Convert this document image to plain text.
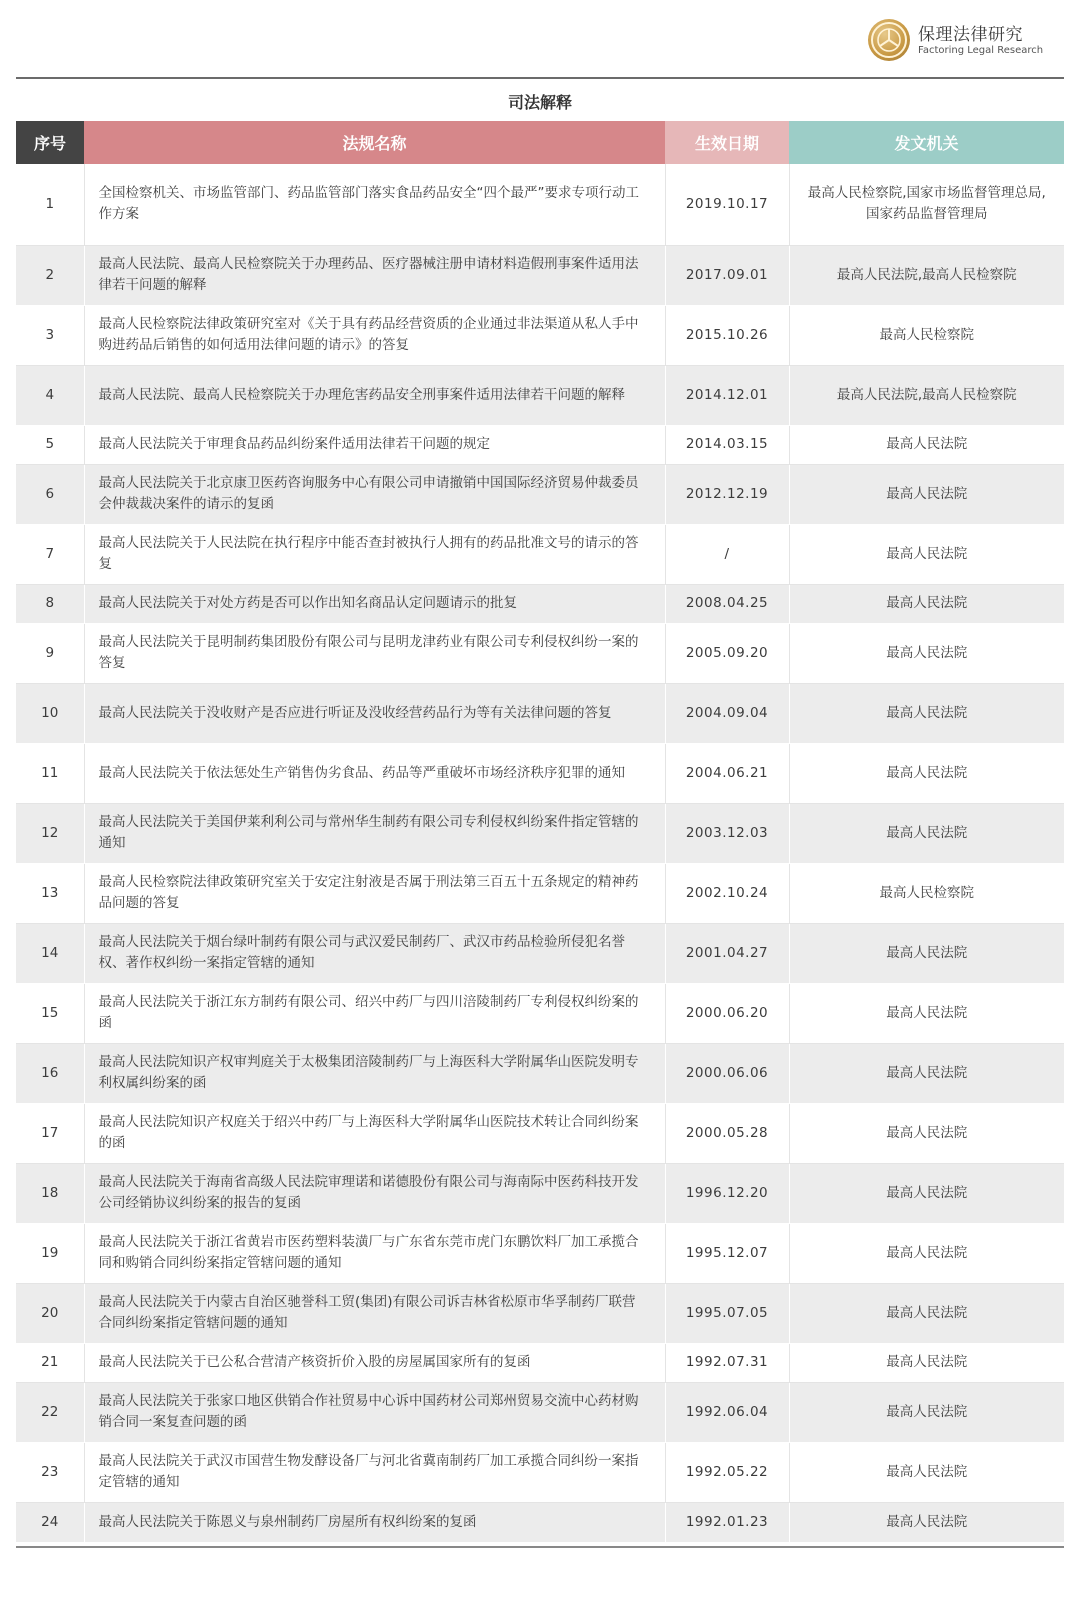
保理法律研究
Factoring Legal Research
司法解释
序号	法规名称	生效日期	发文机关
1	全国检察机关、市场监管部门、药品监管部门落实食品药品安全“四个最严”要求专项行动工作方案	2019.10.17	最高人民检察院,国家市场监督管理总局,国家药品监督管理局
2	最高人民法院、最高人民检察院关于办理药品、医疗器械注册申请材料造假刑事案件适用法律若干问题的解释	2017.09.01	最高人民法院,最高人民检察院
3	最高人民检察院法律政策研究室对《关于具有药品经营资质的企业通过非法渠道从私人手中购进药品后销售的如何适用法律问题的请示》的答复	2015.10.26	最高人民检察院
4	最高人民法院、最高人民检察院关于办理危害药品安全刑事案件适用法律若干问题的解释	2014.12.01	最高人民法院,最高人民检察院
5	最高人民法院关于审理食品药品纠纷案件适用法律若干问题的规定	2014.03.15	最高人民法院
6	最高人民法院关于北京康卫医药咨询服务中心有限公司申请撤销中国国际经济贸易仲裁委员会仲裁裁决案件的请示的复函	2012.12.19	最高人民法院
7	最高人民法院关于人民法院在执行程序中能否查封被执行人拥有的药品批准文号的请示的答复	/	最高人民法院
8	最高人民法院关于对处方药是否可以作出知名商品认定问题请示的批复	2008.04.25	最高人民法院
9	最高人民法院关于昆明制药集团股份有限公司与昆明龙津药业有限公司专利侵权纠纷一案的答复	2005.09.20	最高人民法院
10	最高人民法院关于没收财产是否应进行听证及没收经营药品行为等有关法律问题的答复	2004.09.04	最高人民法院
11	最高人民法院关于依法惩处生产销售伪劣食品、药品等严重破坏市场经济秩序犯罪的通知	2004.06.21	最高人民法院
12	最高人民法院关于美国伊莱利利公司与常州华生制药有限公司专利侵权纠纷案件指定管辖的通知	2003.12.03	最高人民法院
13	最高人民检察院法律政策研究室关于安定注射液是否属于刑法第三百五十五条规定的精神药品问题的答复	2002.10.24	最高人民检察院
14	最高人民法院关于烟台绿叶制药有限公司与武汉爱民制药厂、武汉市药品检验所侵犯名誉权、著作权纠纷一案指定管辖的通知	2001.04.27	最高人民法院
15	最高人民法院关于浙江东方制药有限公司、绍兴中药厂与四川涪陵制药厂专利侵权纠纷案的函	2000.06.20	最高人民法院
16	最高人民法院知识产权审判庭关于太极集团涪陵制药厂与上海医科大学附属华山医院发明专利权属纠纷案的函	2000.06.06	最高人民法院
17	最高人民法院知识产权庭关于绍兴中药厂与上海医科大学附属华山医院技术转让合同纠纷案的函	2000.05.28	最高人民法院
18	最高人民法院关于海南省高级人民法院审理诺和诺德股份有限公司与海南际中医药科技开发公司经销协议纠纷案的报告的复函	1996.12.20	最高人民法院
19	最高人民法院关于浙江省黄岩市医药塑料装潢厂与广东省东莞市虎门东鹏饮料厂加工承揽合同和购销合同纠纷案指定管辖问题的通知	1995.12.07	最高人民法院
20	最高人民法院关于内蒙古自治区驰誉科工贸(集团)有限公司诉吉林省松原市华孚制药厂联营合同纠纷案指定管辖问题的通知	1995.07.05	最高人民法院
21	最高人民法院关于已公私合营清产核资折价入股的房屋属国家所有的复函	1992.07.31	最高人民法院
22	最高人民法院关于张家口地区供销合作社贸易中心诉中国药材公司郑州贸易交流中心药材购销合同一案复查问题的函	1992.06.04	最高人民法院
23	最高人民法院关于武汉市国营生物发酵设备厂与河北省冀南制药厂加工承揽合同纠纷一案指定管辖的通知	1992.05.22	最高人民法院
24	最高人民法院关于陈恩义与泉州制药厂房屋所有权纠纷案的复函	1992.01.23	最高人民法院
